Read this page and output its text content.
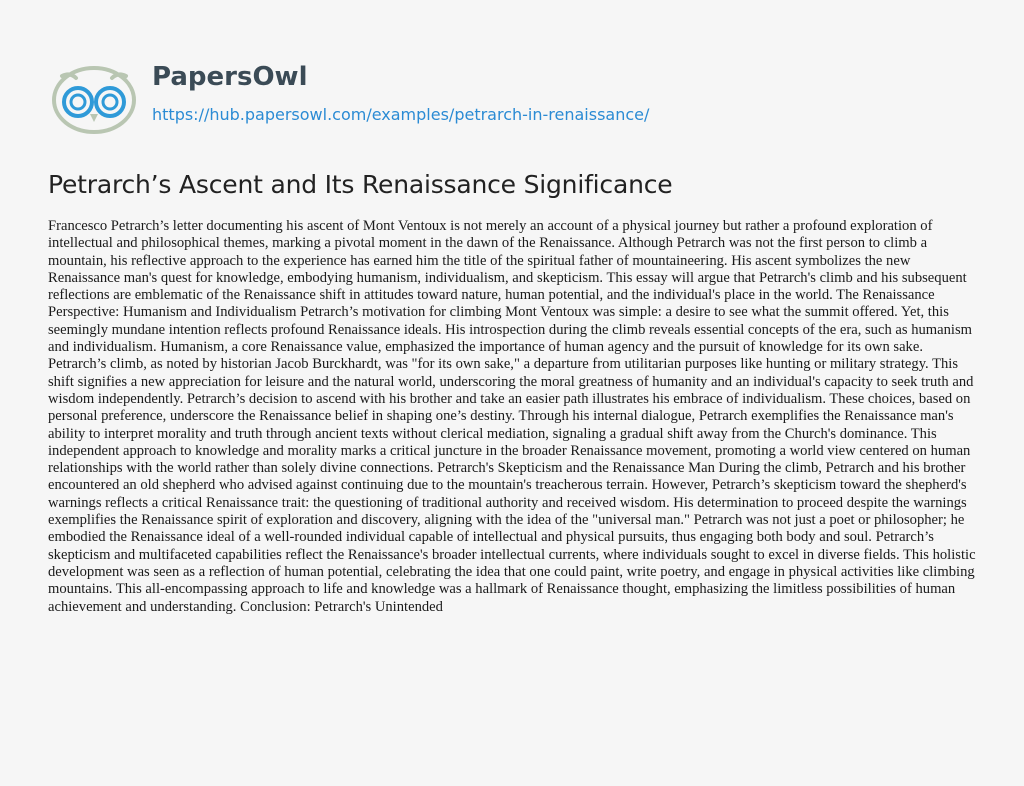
PapersOwl
https://hub.papersowl.com/examples/petrarch-in-renaissance/
Petrarch’s Ascent and Its Renaissance Significance

Francesco Petrarch’s letter documenting his ascent of Mont Ventoux is not merely an account of a physical journey but rather a profound exploration of intellectual and philosophical themes, marking a pivotal moment in the dawn of the Renaissance. Although Petrarch was not the first person to climb a mountain, his reflective approach to the experience has earned him the title of the spiritual father of mountaineering. His ascent symbolizes the new Renaissance man's quest for knowledge, embodying humanism, individualism, and skepticism. This essay will argue that Petrarch's climb and his subsequent reflections are emblematic of the Renaissance shift in attitudes toward nature, human potential, and the individual's place in the world. The Renaissance Perspective: Humanism and Individualism Petrarch’s motivation for climbing Mont Ventoux was simple: a desire to see what the summit offered. Yet, this seemingly mundane intention reflects profound Renaissance ideals. His introspection during the climb reveals essential concepts of the era, such as humanism and individualism. Humanism, a core Renaissance value, emphasized the importance of human agency and the pursuit of knowledge for its own sake. Petrarch’s climb, as noted by historian Jacob Burckhardt, was "for its own sake," a departure from utilitarian purposes like hunting or military strategy. This shift signifies a new appreciation for leisure and the natural world, underscoring the moral greatness of humanity and an individual's capacity to seek truth and wisdom independently. Petrarch’s decision to ascend with his brother and take an easier path illustrates his embrace of individualism. These choices, based on personal preference, underscore the Renaissance belief in shaping one’s destiny. Through his internal dialogue, Petrarch exemplifies the Renaissance man's ability to interpret morality and truth through ancient texts without clerical mediation, signaling a gradual shift away from the Church's dominance. This independent approach to knowledge and morality marks a critical juncture in the broader Renaissance movement, promoting a world view centered on human relationships with the world rather than solely divine connections. Petrarch's Skepticism and the Renaissance Man During the climb, Petrarch and his brother encountered an old shepherd who advised against continuing due to the mountain's treacherous terrain. However, Petrarch’s skepticism toward the shepherd's warnings reflects a critical Renaissance trait: the questioning of traditional authority and received wisdom. His determination to proceed despite the warnings exemplifies the Renaissance spirit of exploration and discovery, aligning with the idea of the "universal man." Petrarch was not just a poet or philosopher; he embodied the Renaissance ideal of a well-rounded individual capable of intellectual and physical pursuits, thus engaging both body and soul. Petrarch’s skepticism and multifaceted capabilities reflect the Renaissance's broader intellectual currents, where individuals sought to excel in diverse fields. This holistic development was seen as a reflection of human potential, celebrating the idea that one could paint, write poetry, and engage in physical activities like climbing mountains. This all-encompassing approach to life and knowledge was a hallmark of Renaissance thought, emphasizing the limitless possibilities of human achievement and understanding. Conclusion: Petrarch's Unintended
